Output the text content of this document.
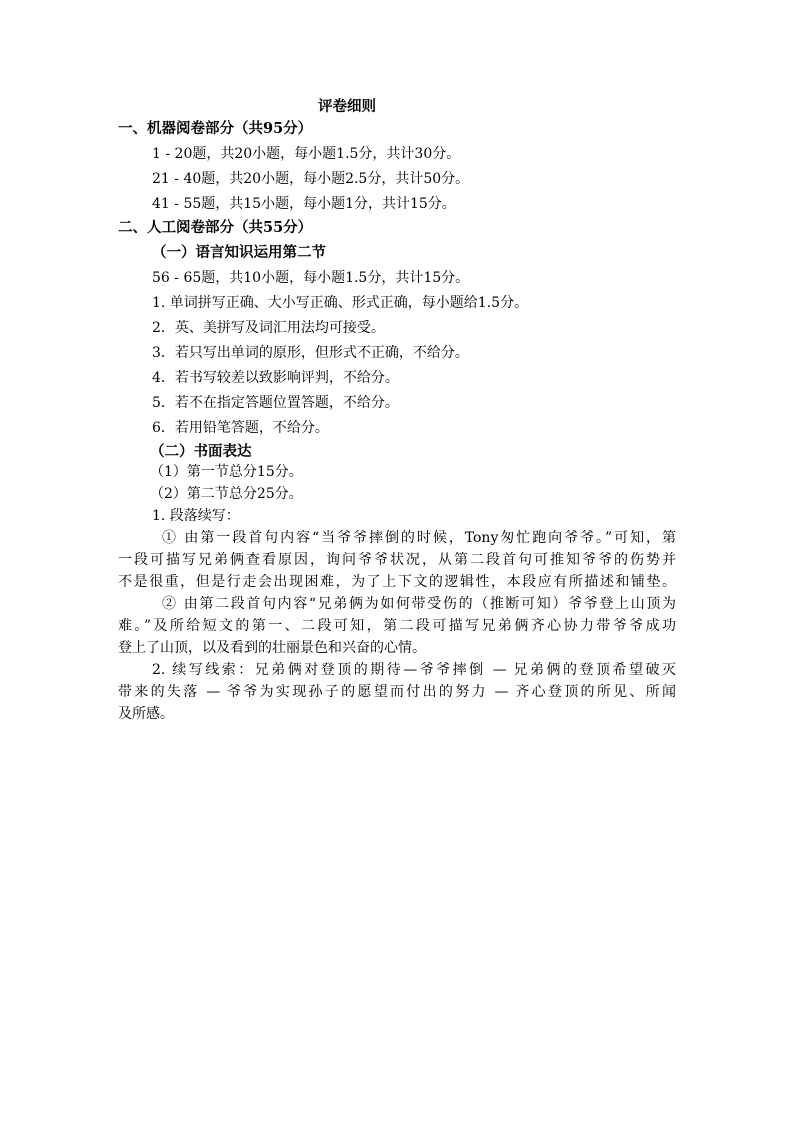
评卷细则
一、机器阅卷部分（共95分）
1 - 20题，共20小题，每小题1.5分，共计30分。
21 - 40题，共20小题，每小题2.5分，共计50分。
41 - 55题，共15小题，每小题1分，共计15分。
二、人工阅卷部分（共55分）
（一）语言知识运用第二节
56 - 65题，共10小题，每小题1.5分，共计15分。
1. 单词拼写正确、大小写正确、形式正确，每小题给1.5分。
2．英、美拼写及词汇用法均可接受。
3．若只写出单词的原形，但形式不正确，不给分。
4．若书写较差以致影响评判，不给分。
5．若不在指定答题位置答题，不给分。
6．若用铅笔答题，不给分。
（二）书面表达
（1）第一节总分15分。
（2）第二节总分25分。
1. 段落续写：
① 由第一段首句内容“当爷爷摔倒的时候，Tony匆忙跑向爷爷。”可知，第
一段可描写兄弟俩查看原因，询问爷爷状况，从第二段首句可推知爷爷的伤势并
不是很重，但是行走会出现困难，为了上下文的逻辑性，本段应有所描述和铺垫。
② 由第二段首句内容“兄弟俩为如何带受伤的（推断可知）爷爷登上山顶为
难。”及所给短文的第一、二段可知，第二段可描写兄弟俩齐心协力带爷爷成功
登上了山顶，以及看到的壮丽景色和兴奋的心情。
2. 续写线索：兄弟俩对登顶的期待—爷爷摔倒 — 兄弟俩的登顶希望破灭
带来的失落 — 爷爷为实现孙子的愿望而付出的努力 — 齐心登顶的所见、所闻
及所感。
